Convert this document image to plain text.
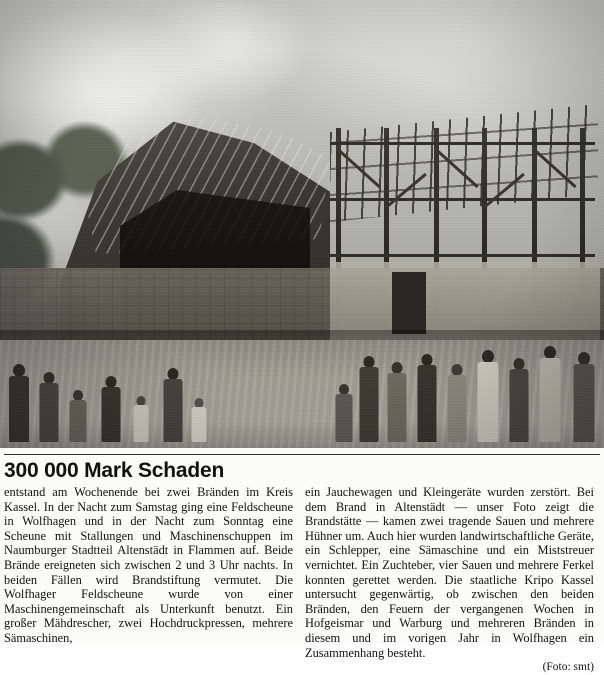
300 000 Mark Schaden

entstand am Wochenende bei zwei Bränden im Kreis Kassel. In der Nacht zum Samstag ging eine Feldscheune in Wolfhagen und in der Nacht zum Sonntag eine Scheune mit Stallungen und Maschinenschuppen im Naumburger Stadtteil Altenstädt in Flammen auf. Beide Brände ereigneten sich zwischen 2 und 3 Uhr nachts. In beiden Fällen wird Brandstiftung vermutet. Die Wolfhager Feldscheune wurde von einer Maschinengemeinschaft als Unterkunft benutzt. Ein großer Mähdrescher, zwei Hochdruckpressen, mehrere Sämaschinen,

ein Jauchewagen und Kleingeräte wurden zerstört. Bei dem Brand in Altenstädt — unser Foto zeigt die Brandstätte — kamen zwei tragende Sauen und mehrere Hühner um. Auch hier wurden landwirtschaftliche Geräte, ein Schlepper, eine Sämaschine und ein Miststreuer vernichtet. Ein Zuchteber, vier Sauen und mehrere Ferkel konnten gerettet werden. Die staatliche Kripo Kassel untersucht gegenwärtig, ob zwischen den beiden Bränden, den Feuern der vergangenen Wochen in Hofgeismar und Warburg und mehreren Bränden in diesem und im vorigen Jahr in Wolfhagen ein Zusammenhang besteht.

(Foto: smt)
